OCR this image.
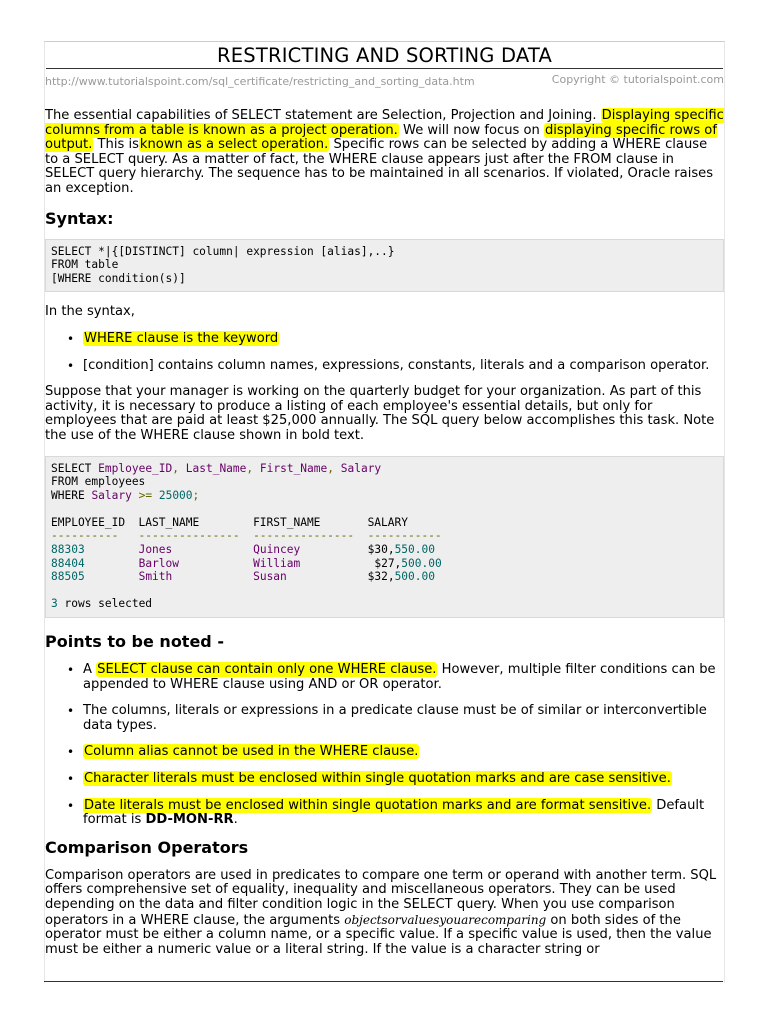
RESTRICTING AND SORTING DATA
http://www.tutorialspoint.com/sql_certificate/restricting_and_sorting_data.htm	Copyright © tutorialspoint.com

The essential capabilities of SELECT statement are Selection, Projection and Joining. Displaying specific columns from a table is known as a project operation. We will now focus on displaying specific rows of output. This isknown as a select operation. Specific rows can be selected by adding a WHERE clause to a SELECT query. As a matter of fact, the WHERE clause appears just after the FROM clause in SELECT query hierarchy. The sequence has to be maintained in all scenarios. If violated, Oracle raises an exception.

Syntax:
SELECT *|{[DISTINCT] column| expression [alias],..}
FROM table
[WHERE condition(s)]

In the syntax,

• WHERE clause is the keyword
• [condition] contains column names, expressions, constants, literals and a comparison operator.

Suppose that your manager is working on the quarterly budget for your organization. As part of this activity, it is necessary to produce a listing of each employee's essential details, but only for employees that are paid at least $25,000 annually. The SQL query below accomplishes this task. Note the use of the WHERE clause shown in bold text.

SELECT Employee_ID, Last_Name, First_Name, Salary
FROM employees
WHERE Salary >= 25000;

EMPLOYEE_ID  LAST_NAME        FIRST_NAME       SALARY
----------   ---------------  ---------------  -----------
88303	Jones	Quincey	$30,550.00
88404	Barlow	William	$27,500.00
88505	Smith	Susan	$32,500.00

3 rows selected
Points to be noted -
• A SELECT clause can contain only one WHERE clause. However, multiple filter conditions can be appended to WHERE clause using AND or OR operator.
• The columns, literals or expressions in a predicate clause must be of similar or interconvertible data types.
• Column alias cannot be used in the WHERE clause.
• Character literals must be enclosed within single quotation marks and are case sensitive.
• Date literals must be enclosed within single quotation marks and are format sensitive. Default format is DD-MON-RR.
Comparison Operators

Comparison operators are used in predicates to compare one term or operand with another term. SQL offers comprehensive set of equality, inequality and miscellaneous operators. They can be used depending on the data and filter condition logic in the SELECT query. When you use comparison operators in a WHERE clause, the arguments objectsorvaluesyouarecomparing on both sides of the operator must be either a column name, or a specific value. If a specific value is used, then the value must be either a numeric value or a literal string. If the value is a character string or
